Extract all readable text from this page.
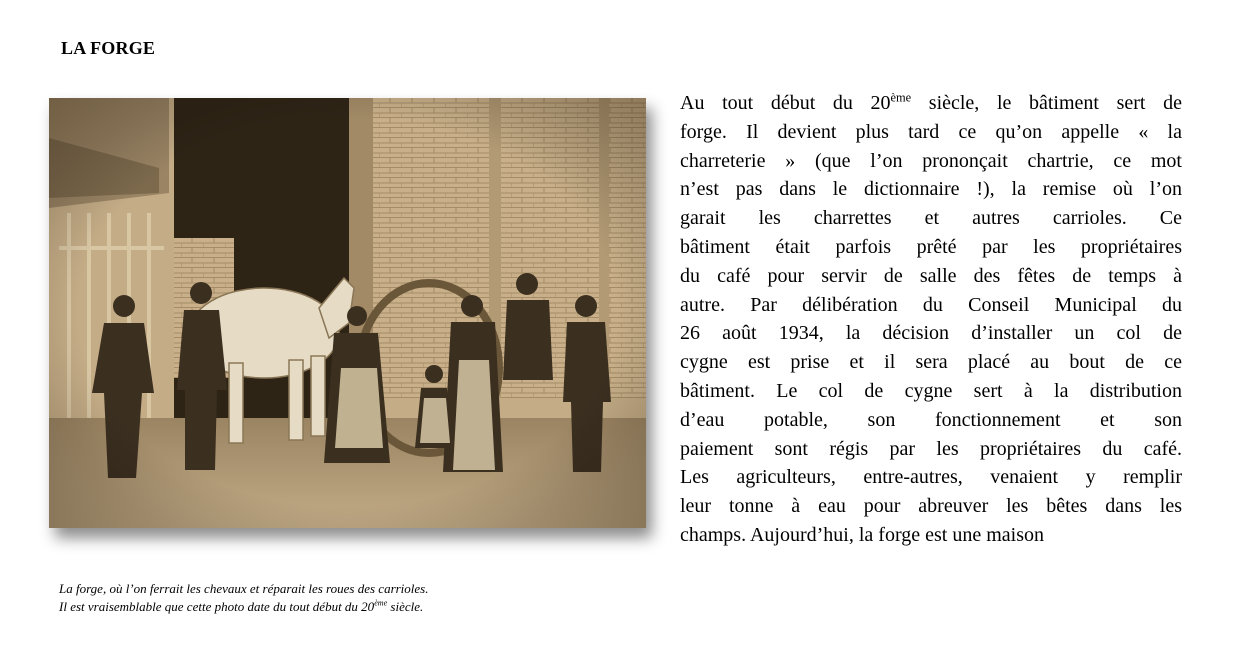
LA FORGE
La forge, où l’on ferrait les chevaux et réparait les roues des carrioles.
Il est vraisemblable que cette photo date du tout début du 20ème siècle.
Au tout début du 20ème siècle, le bâtiment sert de
forge. Il devient plus tard ce qu’on appelle « la
charreterie » (que l’on prononçait chartrie, ce mot
n’est pas dans le dictionnaire !), la remise où l’on
garait les charrettes et autres carrioles. Ce
bâtiment était parfois prêté par les propriétaires
du café pour servir de salle des fêtes de temps à
autre. Par délibération du Conseil Municipal du
26 août 1934, la décision d’installer un col de
cygne est prise et il sera placé au bout de ce
bâtiment. Le col de cygne sert à la distribution
d’eau potable, son fonctionnement et son
paiement sont régis par les propriétaires du café.
Les agriculteurs, entre-autres, venaient y remplir
leur tonne à eau pour abreuver les bêtes dans les
champs. Aujourd’hui, la forge est une maison
